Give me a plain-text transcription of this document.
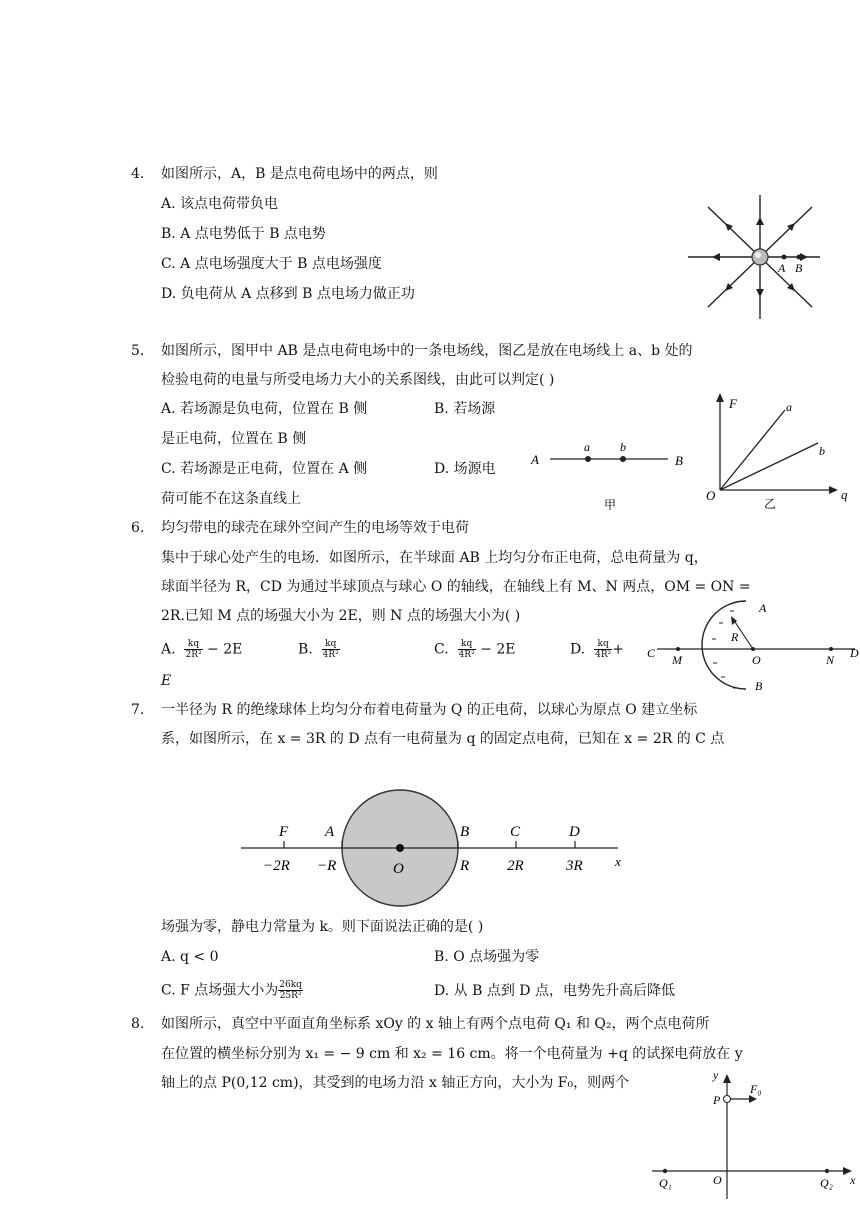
4. 如图所示，A，B 是点电荷电场中的两点，则
A. 该点电荷带负电
B. A 点电势低于 B 点电势
C. A 点电场强度大于 B 点电场强度
D. 负电荷从 A 点移到 B 点电场力做正功
A B
5. 如图所示，图甲中 AB 是点电荷电场中的一条电场线，图乙是放在电场线上 a、b 处的
检验电荷的电量与所受电场力大小的关系图线，由此可以判定( )
A. 若场源是负电荷，位置在 B 侧	B. 若场源
是正电荷，位置在 B 侧
C. 若场源是正电荷，位置在 A 侧	D. 场源电
荷可能不在这条直线上
A	B
a	b
甲
F
q
O
a
b
乙
6. 均匀带电的球壳在球外空间产生的电场等效于电荷
集中于球心处产生的电场．如图所示，在半球面 AB 上均匀分布正电荷，总电荷量为 q，
球面半径为 R，CD 为通过半球顶点与球心 O 的轴线，在轴线上有 M、N 两点，OM = ON =
2R.已知 M 点的场强大小为 2E，则 N 点的场强大小为( )
A. $\frac{kq}{\text{2R²}} - 2E$	B. $\frac{kq}{\text{4R²}}$	C. $\frac{kq}{\text{4R²}} - 2E$	D. $\frac{kq}{\text{4R²}}$ +
E
A
B
C	D
M	N
O
R
7. 一半径为 R 的绝缘球体上均匀分布着电荷量为 Q 的正电荷，以球心为原点 O 建立坐标
系，如图所示，在 x = 3R 的 D 点有一电荷量为 q 的固定点电荷，已知在 x = 2R 的 C 点
F A	B	C	D
−2R −R	R	2R	3R
O	x
场强为零，静电力常量为 k。则下面说法正确的是( )
A. q < 0	B. O 点场强为零
C. F 点场强大小为 $\frac{26kq}{\text{25R²}}$	D. 从 B 点到 D 点，电势先升高后降低
8. 如图所示，真空中平面直角坐标系 xOy 的 x 轴上有两个点电荷 Q₁ 和 Q₂，两个点电荷所
在位置的横坐标分别为 x₁ = − 9 cm 和 x₂ = 16 cm。将一个电荷量为 +q 的试探电荷放在 y
轴上的点 P(0,12 cm)，其受到的电场力沿 x 轴正方向，大小为 F₀，则两个	y
x
P
F₀
O
Q₁	Q₂
